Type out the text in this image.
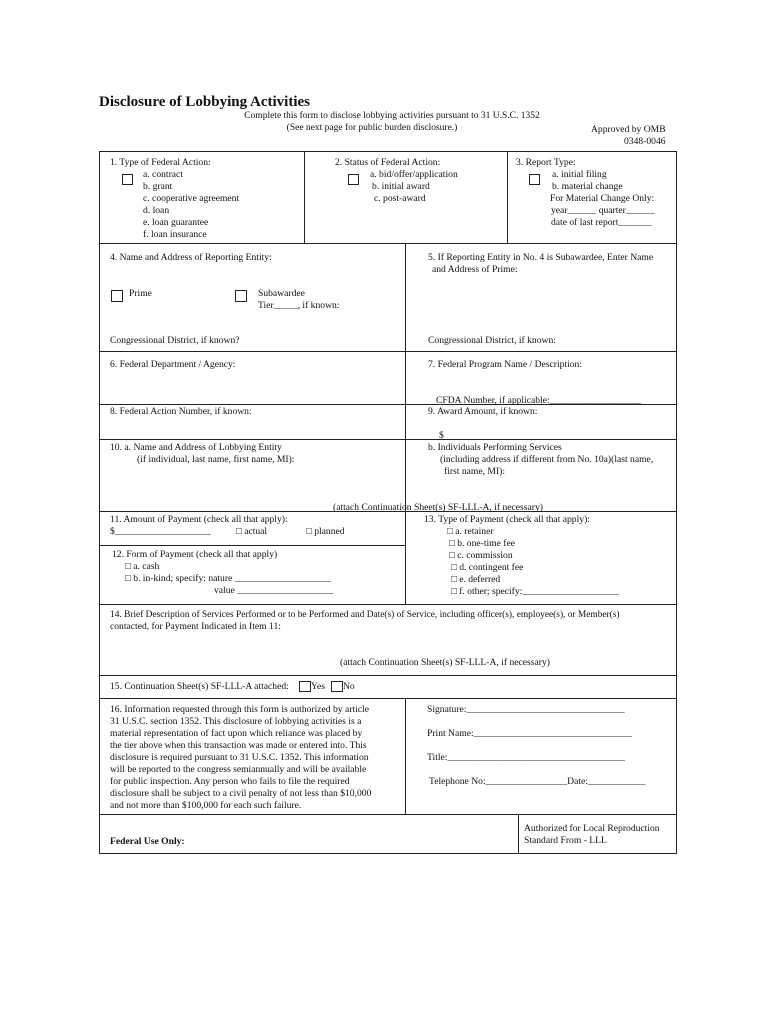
Disclosure of Lobbying Activities
Complete this form to disclose lobbying activities pursuant to 31 U.S.C. 1352
(See next page for public burden disclosure.)	Approved by OMB
0348-0046
1. Type of Federal Action:
a. contract
b. grant
c. cooperative agreement
d. loan
e. loan guarantee
f. loan insurance
2. Status of Federal Action:
a. bid/offer/application
b. initial award
c. post-award
3. Report Type:
a. initial filing
b. material change
For Material Change Only:
year______ quarter______
date of last report_______
4. Name and Address of Reporting Entity:
Prime	Subawardee
Tier_____, if known:
Congressional District, if known?
5. If Reporting Entity in No. 4 is Subawardee, Enter Name
and Address of Prime:
Congressional District, if known:
6. Federal Department / Agency:	7. Federal Program Name / Description:
CFDA Number, if applicable:___________________
8. Federal Action Number, if known:	9. Award Amount, if known:
$
10. a. Name and Address of Lobbying Entity
(if individual, last name, first name, MI):
b. Individuals Performing Services
(including address if different from No. 10a)(last name,
first name, MI):
(attach Continuation Sheet(s) SF-LLL-A, if necessary)
11. Amount of Payment (check all that apply):
$____________________	□ actual	□ planned
12. Form of Payment (check all that apply)
□ a. cash
□ b. in-kind; specify: nature ____________________
value ____________________
13. Type of Payment (check all that apply):
□ a. retainer
□ b. one-time fee
□ c. commission
□ d. contingent fee
□ e. deferred
□ f. other; specify:____________________
14. Brief Description of Services Performed or to be Performed and Date(s) of Service, including officer(s), employee(s), or Member(s)
contacted, for Payment Indicated in Item 11:
(attach Continuation Sheet(s) SF-LLL-A, if necessary)
15. Continuation Sheet(s) SF-LLL-A attached: Yes No
16. Information requested through this form is authorized by article
31 U.S.C. section 1352. This disclosure of lobbying activities is a
material representation of fact upon which reliance was placed by
the tier above when this transaction was made or entered into. This
disclosure is required pursuant to 31 U.S.C. 1352. This information
will be reported to the congress semiannually and will be available
for public inspection. Any person who fails to file the required
disclosure shall be subject to a civil penalty of not less than $10,000
and not more than $100,000 for each such failure.
Signature:_________________________________
Print Name:_________________________________
Title:_____________________________________
Telephone No:_________________Date:____________
Federal Use Only:
Authorized for Local Reproduction
Standard From - LLL
